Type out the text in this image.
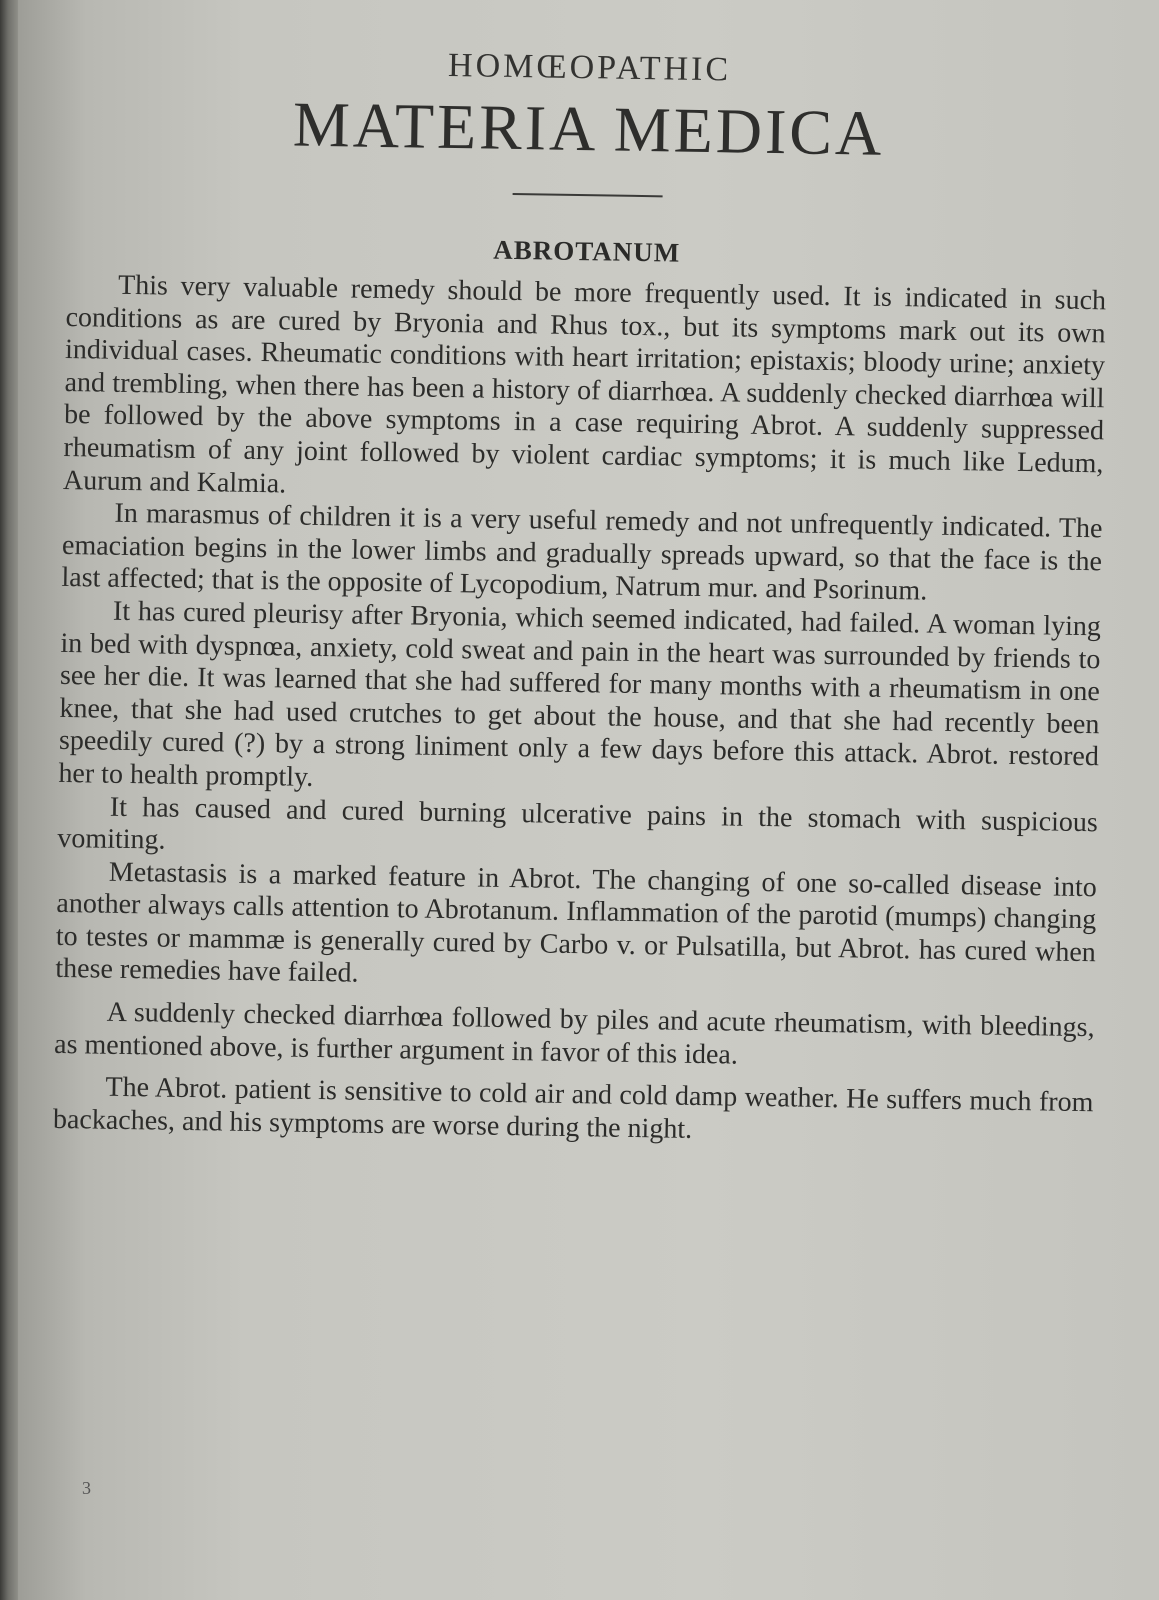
HOMŒOPATHIC
MATERIA MEDICA
ABROTANUM

This very valuable remedy should be more frequently used. It is indicated in such conditions as are cured by Bryonia and Rhus tox., but its symptoms mark out its own individual cases. Rheumatic conditions with heart irritation; epistaxis; bloody urine; anxiety and trembling, when there has been a history of diarrhœa. A suddenly checked diarrhœa will be followed by the above symptoms in a case requiring Abrot. A suddenly suppressed rheumatism of any joint followed by violent cardiac symptoms; it is much like Ledum, Aurum and Kalmia.

In marasmus of children it is a very useful remedy and not unfrequently indicated. The emaciation begins in the lower limbs and gradually spreads upward, so that the face is the last affected; that is the opposite of Lycopodium, Natrum mur. and Psorinum.

It has cured pleurisy after Bryonia, which seemed indicated, had failed. A woman lying in bed with dyspnœa, anxiety, cold sweat and pain in the heart was surrounded by friends to see her die. It was learned that she had suffered for many months with a rheumatism in one knee, that she had used crutches to get about the house, and that she had recently been speedily cured (?) by a strong liniment only a few days before this attack. Abrot. restored her to health promptly.

It has caused and cured burning ulcerative pains in the stomach with suspicious vomiting.

Metastasis is a marked feature in Abrot. The changing of one so-called disease into another always calls attention to Abrotanum. Inflammation of the parotid (mumps) changing to testes or mammæ is generally cured by Carbo v. or Pulsatilla, but Abrot. has cured when these remedies have failed.

A suddenly checked diarrhœa followed by piles and acute rheumatism, with bleedings, as mentioned above, is further argument in favor of this idea.

The Abrot. patient is sensitive to cold air and cold damp weather. He suffers much from backaches, and his symptoms are worse during the night.

3
